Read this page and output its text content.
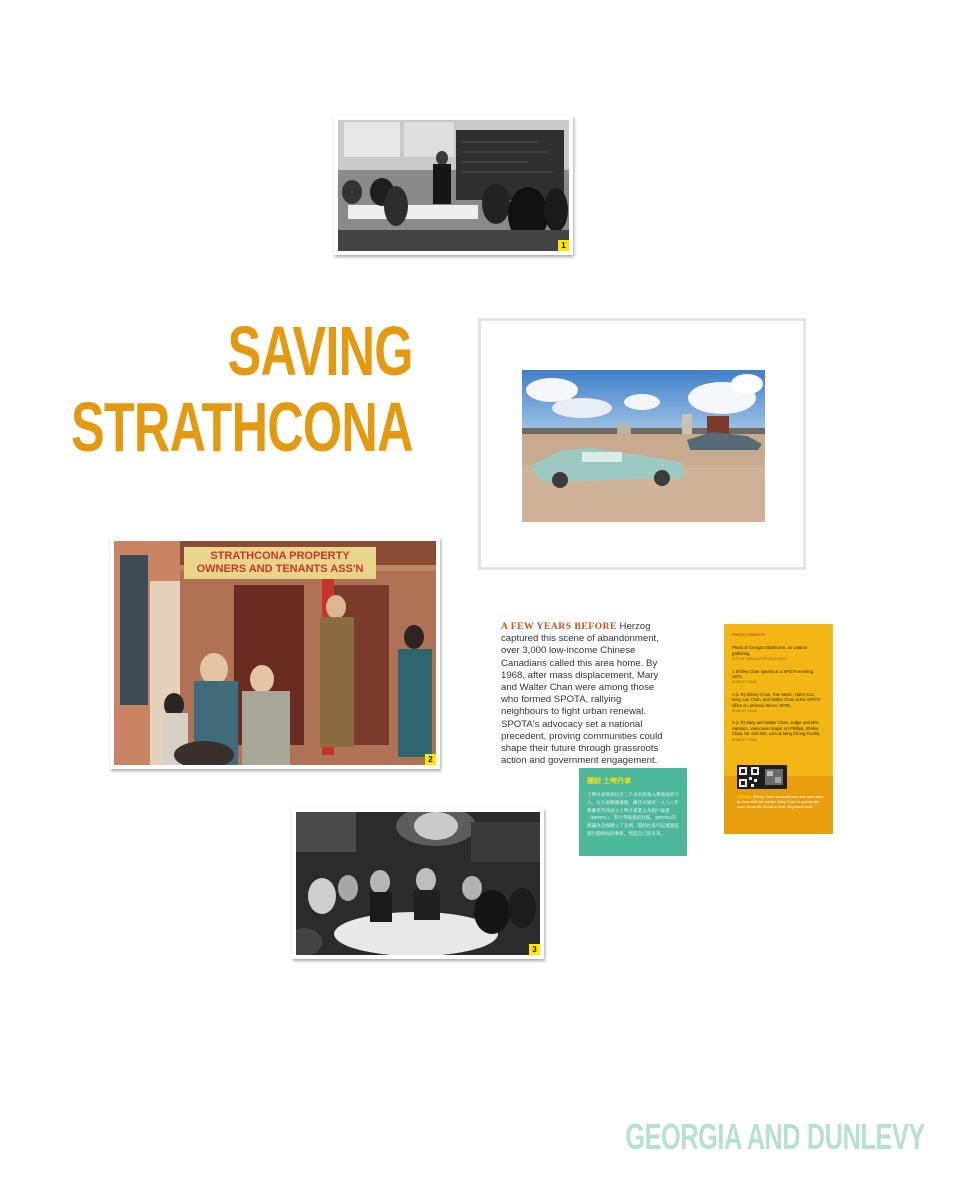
1
SAVING
STRATHCONA
STRATHCONA PROPERTY
OWNERS AND TENANTS ASS'N
2
A FEW YEARS BEFORE Herzog captured this scene of abandonment, over 3,000 low-income Chinese Canadians called this area home. By 1968, after mass displacement, Mary and Walter Chan were among those who formed SPOTA, rallying neighbours to fight urban renewal. SPOTA's advocacy set a national precedent, proving communities could shape their future through grassroots action and government engagement.

PHOTO CREDITS

Photo of Georgia Strathcona, an outdoor gathering
CITY OF VANCOUVER ARCHIVES

1 Shirley Chan speaks at a SPOTA meeting, 1972.
SHIRLEY CHAN

2 (L-R) Shirley Chan, Tom Mesic, Harry Con, Mary Lee Chan, and Walter Chan at the SPOTA office on Jackson Street, 1970s.
SHIRLEY CHAN

3 (L-R) Mary and Walter Chan, Judge and Mrs. Harrison, Vancouver mayor Art Phillips, Shirley Chan, Mr. and Mrs. Lam at Ming Chong Poultry.
SHIRLEY CHAN

LISTEN: Shirley Chan recounts how she went door-to-door with her mother Mary Chan to spread the word about the threat to their neighbourhood.
團結 士啤丹拿
士啤丹拿曾經住有三千多名低收入華裔加拿大人。在大規模搬遷後，陳氏夫婦於一九六八年與鄰里共同成立士啤丹拿業主及租戶協會（SPOTA），努力爭取保留社區。SPOTA 的倡議為全國樹立了先例，證明社區可以透過基層行動與政府參與，塑造自己的未來。
3
GEORGIA AND DUNLEVY
